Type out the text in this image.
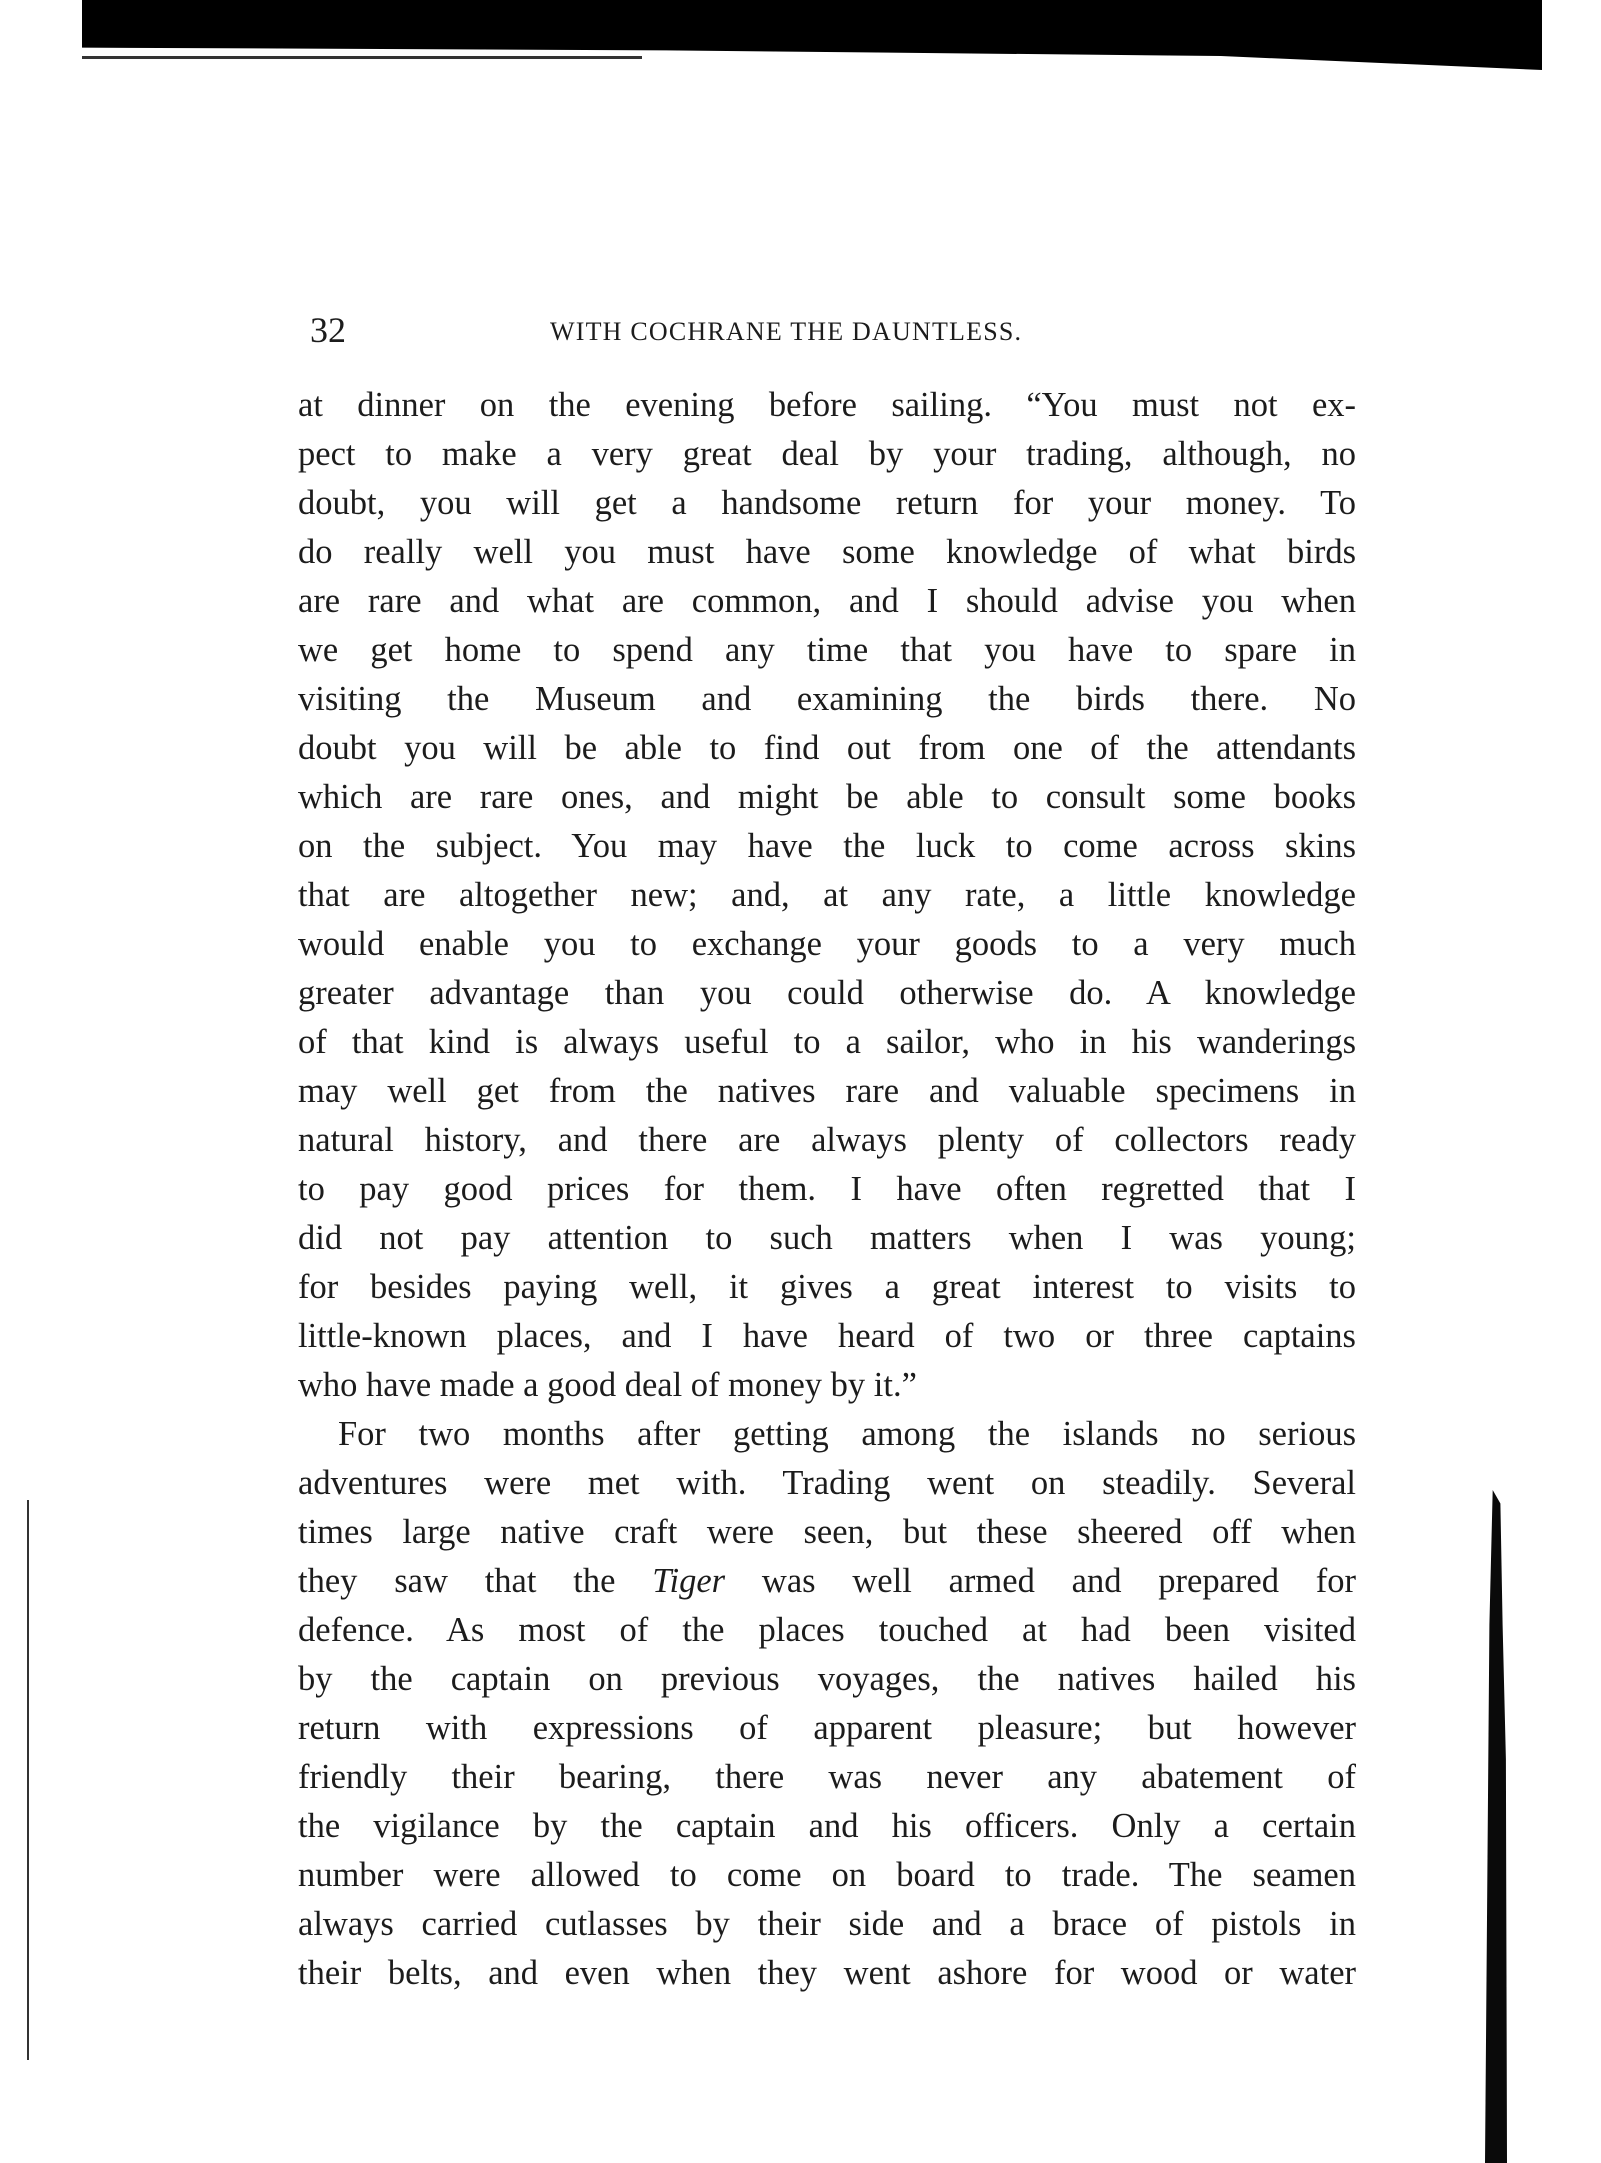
32	WITH COCHRANE THE DAUNTLESS.
at dinner on the evening before sailing. “You must not ex-
pect to make a very great deal by your trading, although, no
doubt, you will get a handsome return for your money. To
do really well you must have some knowledge of what birds
are rare and what are common, and I should advise you when
we get home to spend any time that you have to spare in
visiting the Museum and examining the birds there. No
doubt you will be able to find out from one of the attendants
which are rare ones, and might be able to consult some books
on the subject. You may have the luck to come across skins
that are altogether new; and, at any rate, a little knowledge
would enable you to exchange your goods to a very much
greater advantage than you could otherwise do. A knowledge
of that kind is always useful to a sailor, who in his wanderings
may well get from the natives rare and valuable specimens in
natural history, and there are always plenty of collectors ready
to pay good prices for them. I have often regretted that I
did not pay attention to such matters when I was young;
for besides paying well, it gives a great interest to visits to
little-known places, and I have heard of two or three captains
who have made a good deal of money by it.”
For two months after getting among the islands no serious
adventures were met with. Trading went on steadily. Several
times large native craft were seen, but these sheered off when
they saw that the Tiger was well armed and prepared for
defence. As most of the places touched at had been visited
by the captain on previous voyages, the natives hailed his
return with expressions of apparent pleasure; but however
friendly their bearing, there was never any abatement of
the vigilance by the captain and his officers. Only a certain
number were allowed to come on board to trade. The seamen
always carried cutlasses by their side and a brace of pistols in
their belts, and even when they went ashore for wood or water
